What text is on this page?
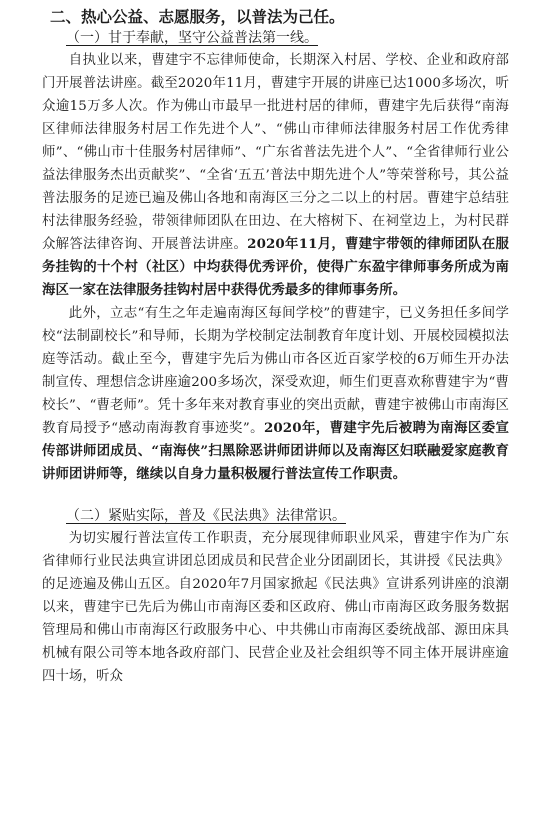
二、热心公益、志愿服务，以普法为己任。

（一）甘于奉献，坚守公益普法第一线。

自执业以来，曹建宇不忘律师使命，长期深入村居、学校、企业和政府部门开展普法讲座。截至2020年11月，曹建宇开展的讲座已达1000多场次，听众逾15万多人次。作为佛山市最早一批进村居的律师，曹建宇先后获得“南海区律师法律服务村居工作先进个人”、“佛山市律师法律服务村居工作优秀律师”、“佛山市十佳服务村居律师”、“广东省普法先进个人”、“全省律师行业公益法律服务杰出贡献奖”、“全省‘五五’普法中期先进个人”等荣誉称号，其公益普法服务的足迹已遍及佛山各地和南海区三分之二以上的村居。曹建宇总结驻村法律服务经验，带领律师团队在田边、在大榕树下、在祠堂边上，为村民群众解答法律咨询、开展普法讲座。2020年11月，曹建宇带领的律师团队在服务挂钩的十个村（社区）中均获得优秀评价，使得广东盈宇律师事务所成为南海区一家在法律服务挂钩村居中获得优秀最多的律师事务所。

此外，立志“有生之年走遍南海区每间学校”的曹建宇，已义务担任多间学校“法制副校长”和导师，长期为学校制定法制教育年度计划、开展校园模拟法庭等活动。截止至今，曹建宇先后为佛山市各区近百家学校的6万师生开办法制宣传、理想信念讲座逾200多场次，深受欢迎，师生们更喜欢称曹建宇为“曹校长”、“曹老师”。凭十多年来对教育事业的突出贡献，曹建宇被佛山市南海区教育局授予“感动南海教育事迹奖”。2020年，曹建宇先后被聘为南海区委宣传部讲师团成员、“南海侠”扫黑除恶讲师团讲师以及南海区妇联融爱家庭教育讲师团讲师等，继续以自身力量积极履行普法宣传工作职责。

（二）紧贴实际，普及《民法典》法律常识。

为切实履行普法宣传工作职责，充分展现律师职业风采，曹建宇作为广东省律师行业民法典宣讲团总团成员和民营企业分团副团长，其讲授《民法典》的足迹遍及佛山五区。自2020年7月国家掀起《民法典》宣讲系列讲座的浪潮以来，曹建宇已先后为佛山市南海区委和区政府、佛山市南海区政务服务数据管理局和佛山市南海区行政服务中心、中共佛山市南海区委统战部、源田床具机械有限公司等本地各政府部门、民营企业及社会组织等不同主体开展讲座逾四十场，听众
